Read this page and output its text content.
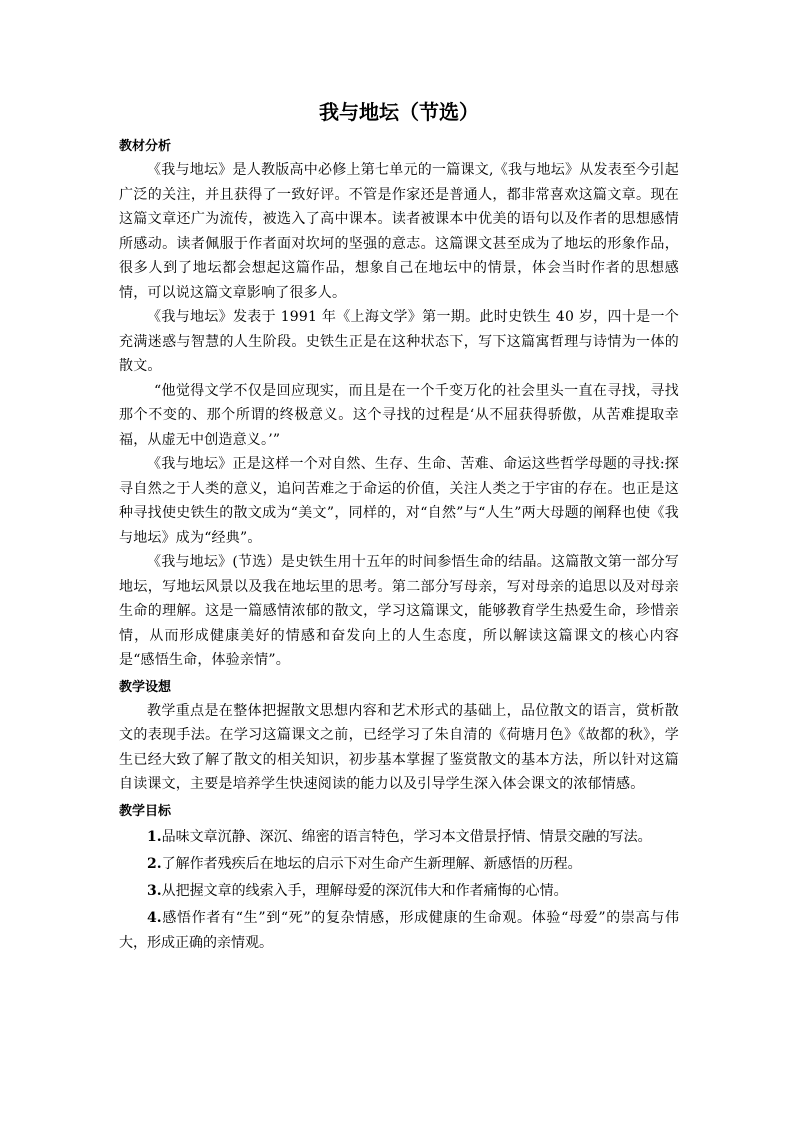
我与地坛（节选）
教材分析

《我与地坛》是人教版高中必修上第七单元的一篇课文,《我与地坛》从发表至今引起广泛的关注，并且获得了一致好评。不管是作家还是普通人，都非常喜欢这篇文章。现在这篇文章还广为流传，被选入了高中课本。读者被课本中优美的语句以及作者的思想感情所感动。读者佩服于作者面对坎坷的坚强的意志。这篇课文甚至成为了地坛的形象作品，很多人到了地坛都会想起这篇作品，想象自己在地坛中的情景，体会当时作者的思想感情，可以说这篇文章影响了很多人。

《我与地坛》发表于 1991 年《上海文学》第一期。此时史铁生 40 岁，四十是一个充满迷惑与智慧的人生阶段。史铁生正是在这种状态下，写下这篇寓哲理与诗情为一体的散文。

“他觉得文学不仅是回应现实，而且是在一个千变万化的社会里头一直在寻找，寻找那个不变的、那个所谓的终极意义。这个寻找的过程是‘从不屈获得骄傲，从苦难提取幸福，从虚无中创造意义。’”

《我与地坛》正是这样一个对自然、生存、生命、苦难、命运这些哲学母题的寻找:探寻自然之于人类的意义，追问苦难之于命运的价值，关注人类之于宇宙的存在。也正是这种寻找使史铁生的散文成为“美文”，同样的，对“自然”与“人生”两大母题的阐释也使《我与地坛》成为“经典”。

《我与地坛》(节选）是史铁生用十五年的时间参悟生命的结晶。这篇散文第一部分写地坛，写地坛风景以及我在地坛里的思考。第二部分写母亲，写对母亲的追思以及对母亲生命的理解。这是一篇感情浓郁的散文，学习这篇课文，能够教育学生热爱生命，珍惜亲情，从而形成健康美好的情感和奋发向上的人生态度，所以解读这篇课文的核心内容是“感悟生命，体验亲情”。

教学设想

教学重点是在整体把握散文思想内容和艺术形式的基础上，品位散文的语言，赏析散文的表现手法。在学习这篇课文之前，已经学习了朱自清的《荷塘月色》《故都的秋》，学生已经大致了解了散文的相关知识，初步基本掌握了鉴赏散文的基本方法，所以针对这篇自读课文，主要是培养学生快速阅读的能力以及引导学生深入体会课文的浓郁情感。

教学目标

1.品味文章沉静、深沉、绵密的语言特色，学习本文借景抒情、情景交融的写法。

2.了解作者残疾后在地坛的启示下对生命产生新理解、新感悟的历程。

3.从把握文章的线索入手，理解母爱的深沉伟大和作者痛悔的心情。

4.感悟作者有“生”到“死”的复杂情感，形成健康的生命观。体验“母爱”的崇高与伟大，形成正确的亲情观。
